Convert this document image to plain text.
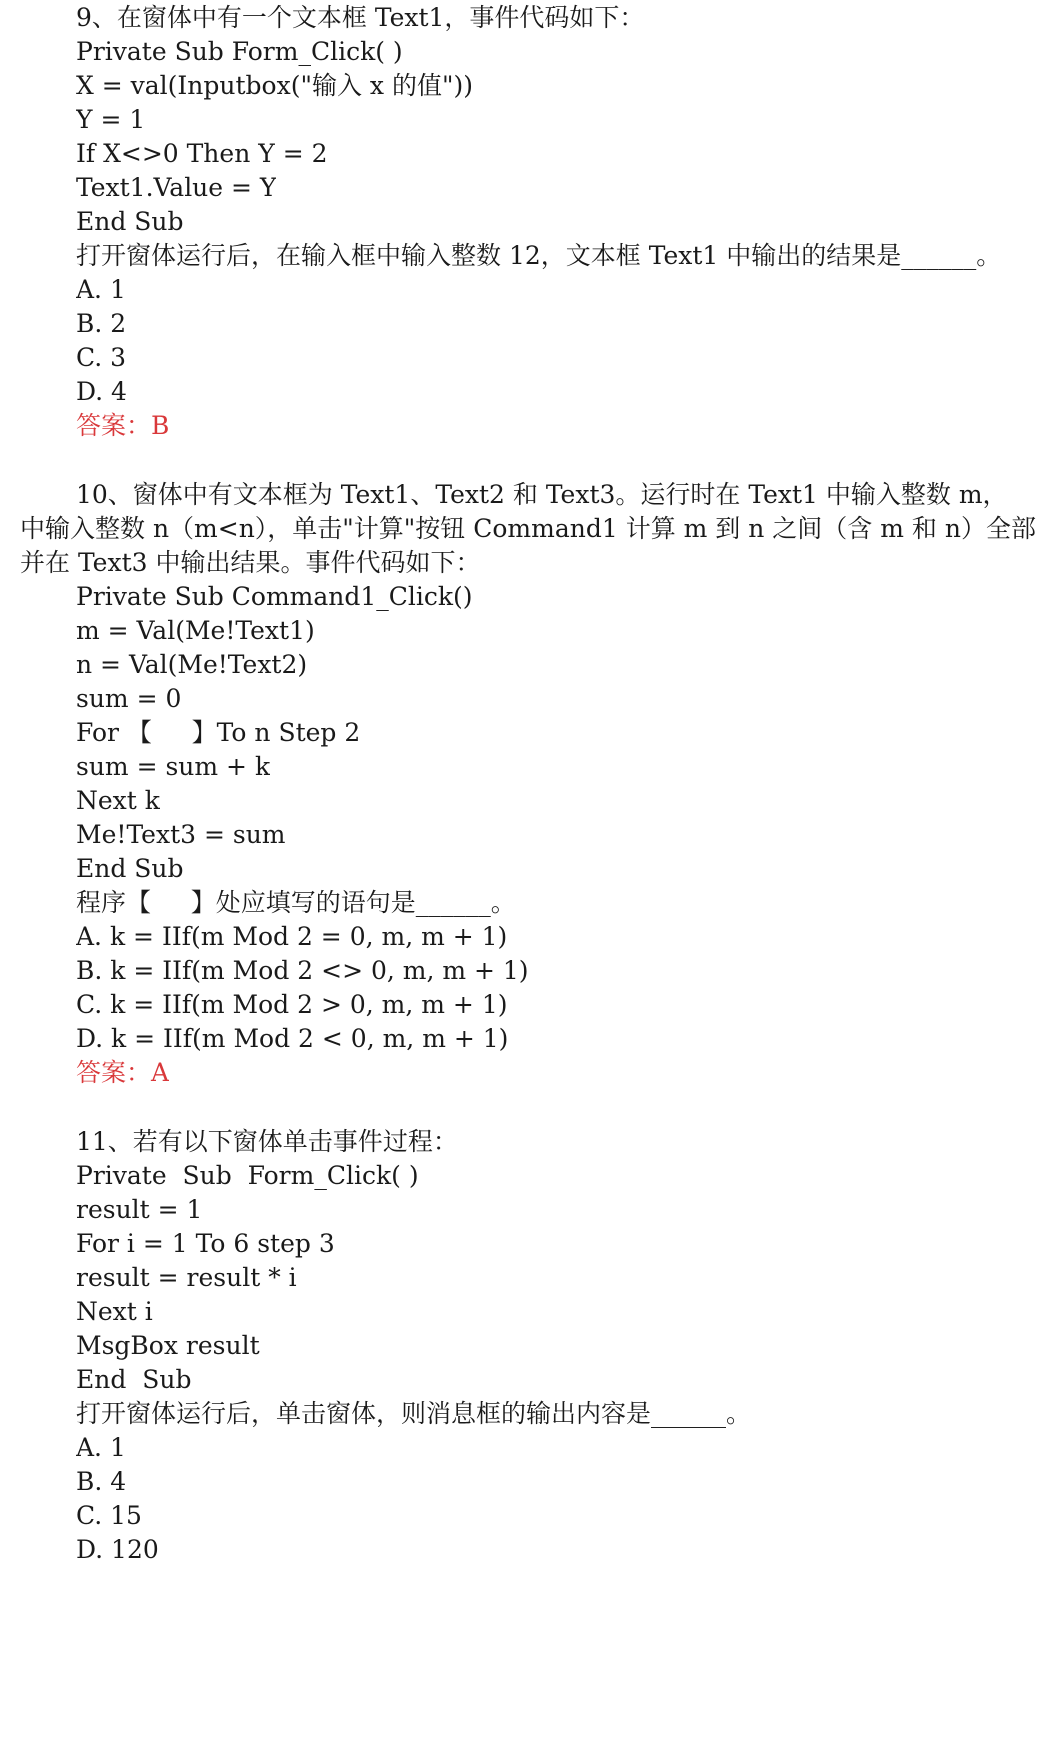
9、在窗体中有一个文本框 Text1，事件代码如下：
Private Sub Form_Click( )
X = val(Inputbox("输入 x 的值"))
Y = 1
If X<>0 Then Y = 2
Text1.Value = Y
End Sub
打开窗体运行后，在输入框中输入整数 12，文本框 Text1 中输出的结果是______。
A. 1
B. 2
C. 3
D. 4
答案：B
10、窗体中有文本框为 Text1、Text2 和 Text3。运行时在 Text1 中输入整数 m，
中输入整数 n（m<n），单击"计算"按钮 Command1 计算 m 到 n 之间（含 m 和 n）全部
并在 Text3 中输出结果。事件代码如下：
Private Sub Command1_Click()
m = Val(Me!Text1)
n = Val(Me!Text2)
sum = 0
For 【     】To n Step 2
sum = sum + k
Next k
Me!Text3 = sum
End Sub
程序【     】处应填写的语句是______。
A. k = IIf(m Mod 2 = 0, m, m + 1)
B. k = IIf(m Mod 2 <> 0, m, m + 1)
C. k = IIf(m Mod 2 > 0, m, m + 1)
D. k = IIf(m Mod 2 < 0, m, m + 1)
答案：A
11、若有以下窗体单击事件过程：
Private  Sub  Form_Click( )
result = 1
For i = 1 To 6 step 3
result = result * i
Next i
MsgBox result
End  Sub
打开窗体运行后，单击窗体，则消息框的输出内容是______。
A. 1
B. 4
C. 15
D. 120
